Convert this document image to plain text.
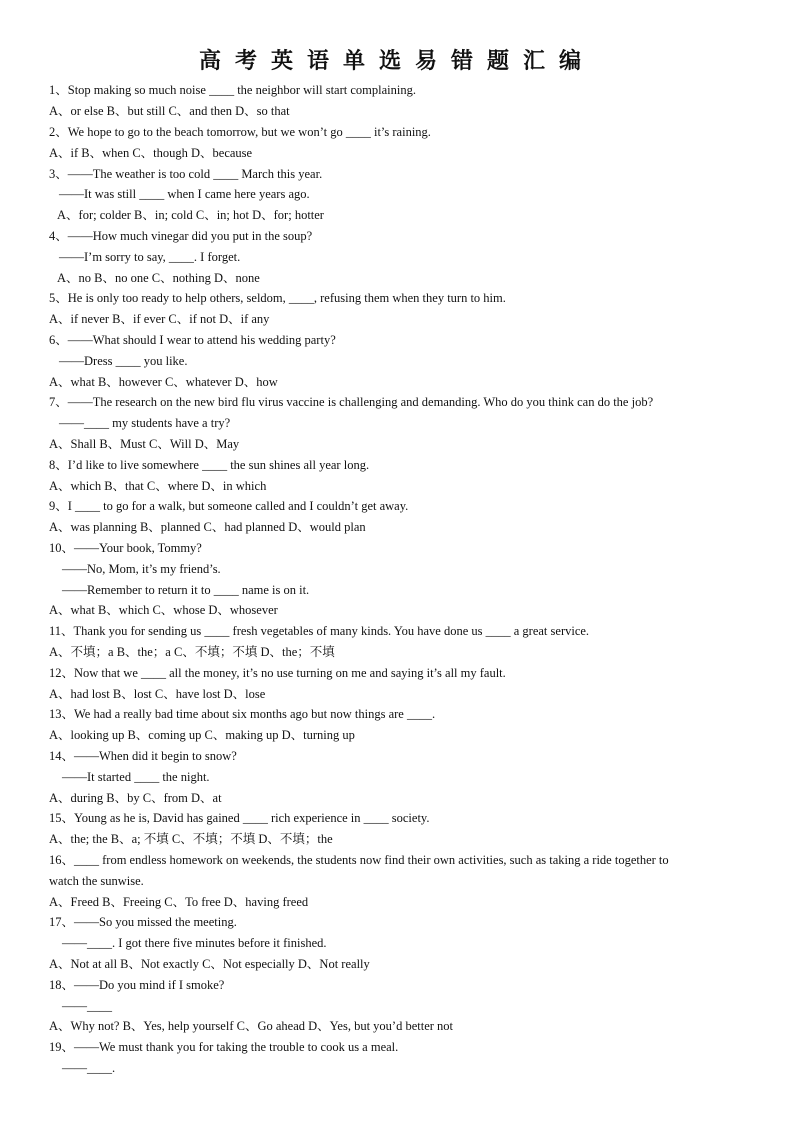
高考英语单选易错题汇编
1、Stop making so much noise ____ the neighbor will start complaining.
A、or else B、but still C、and then D、so that
2、We hope to go to the beach tomorrow, but we won’t go ____ it’s raining.
A、if B、when C、though D、because
3、——The weather is too cold ____ March this year.
——It was still ____ when I came here years ago.
A、for; colder B、in; cold C、in; hot D、for; hotter
4、——How much vinegar did you put in the soup?
——I’m sorry to say, ____. I forget.
A、no B、no one C、nothing D、none
5、He is only too ready to help others, seldom, ____, refusing them when they turn to him.
A、if never B、if ever C、if not D、if any
6、——What should I wear to attend his wedding party?
——Dress ____ you like.
A、what B、however C、whatever D、how
7、——The research on the new bird flu virus vaccine is challenging and demanding. Who do you think can do the job?
——____ my students have a try?
A、Shall B、Must C、Will D、May
8、I’d like to live somewhere ____ the sun shines all year long.
A、which B、that C、where D、in which
9、I ____ to go for a walk, but someone called and I couldn’t get away.
A、was planning B、planned C、had planned D、would plan
10、——Your book, Tommy?
——No, Mom, it’s my friend’s.
——Remember to return it to ____ name is on it.
A、what B、which C、whose D、whosever
11、Thank you for sending us ____ fresh vegetables of many kinds. You have done us ____ a great service.
A、不填；a B、the；a C、不填；不填 D、the；不填
12、Now that we ____ all the money, it’s no use turning on me and saying it’s all my fault.
A、had lost B、lost C、have lost D、lose
13、We had a really bad time about six months ago but now things are ____.
A、looking up B、coming up C、making up D、turning up
14、——When did it begin to snow?
——It started ____ the night.
A、during B、by C、from D、at
15、Young as he is, David has gained ____ rich experience in ____ society.
A、the; the B、a; 不填 C、不填；不填 D、不填；the
16、____ from endless homework on weekends, the students now find their own activities, such as taking a ride together to
watch the sunwise.
A、Freed B、Freeing C、To free D、having freed
17、——So you missed the meeting.
——____. I got there five minutes before it finished.
A、Not at all B、Not exactly C、Not especially D、Not really
18、——Do you mind if I smoke?
——____
A、Why not? B、Yes, help yourself C、Go ahead D、Yes, but you’d better not
19、——We must thank you for taking the trouble to cook us a meal.
——____.
